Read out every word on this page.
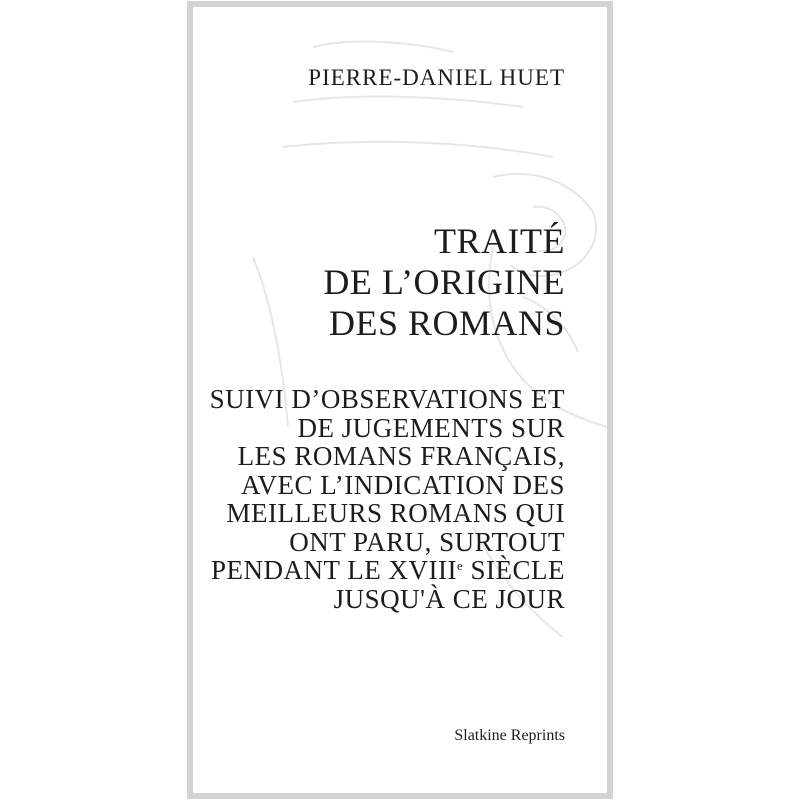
PIERRE-DANIEL HUET
TRAITÉ
DE L’ORIGINE
DES ROMANS
SUIVI D’OBSERVATIONS ET
DE JUGEMENTS SUR
LES ROMANS FRANÇAIS,
AVEC L’INDICATION DES
MEILLEURS ROMANS QUI
ONT PARU, SURTOUT
PENDANT LE XVIIIe SIÈCLE
JUSQU'À CE JOUR
Slatkine Reprints
